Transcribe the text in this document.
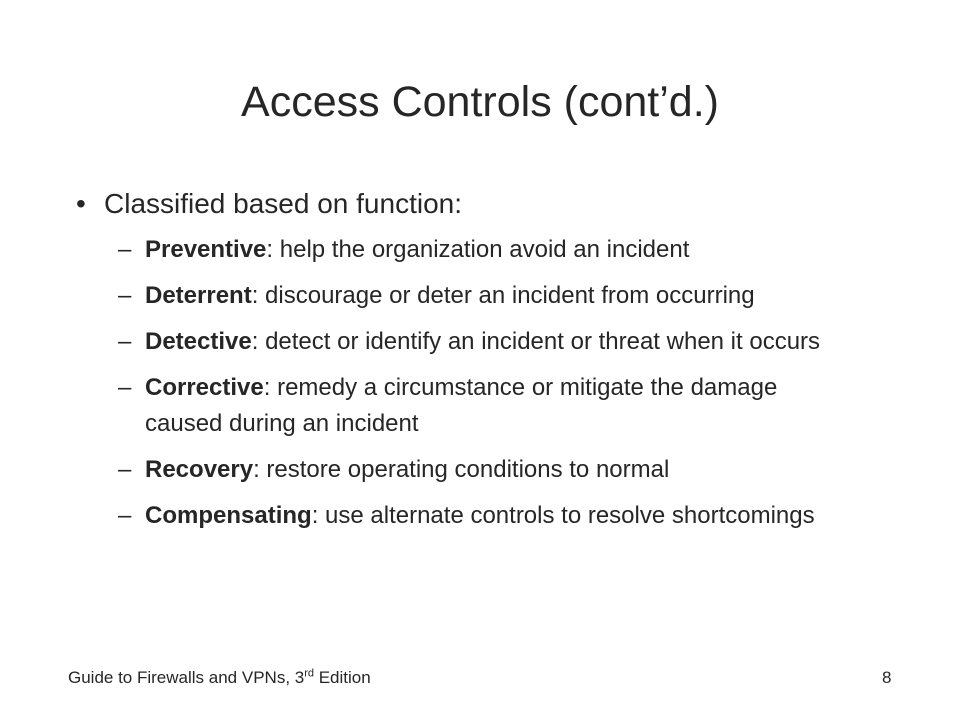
Access Controls (cont’d.)
• Classified based on function:
– Preventive: help the organization avoid an incident
– Deterrent: discourage or deter an incident from occurring
– Detective: detect or identify an incident or threat when it occurs
– Corrective: remedy a circumstance or mitigate the damage caused during an incident
– Recovery: restore operating conditions to normal
– Compensating: use alternate controls to resolve shortcomings
Guide to Firewalls and VPNs, 3rd Edition	8
